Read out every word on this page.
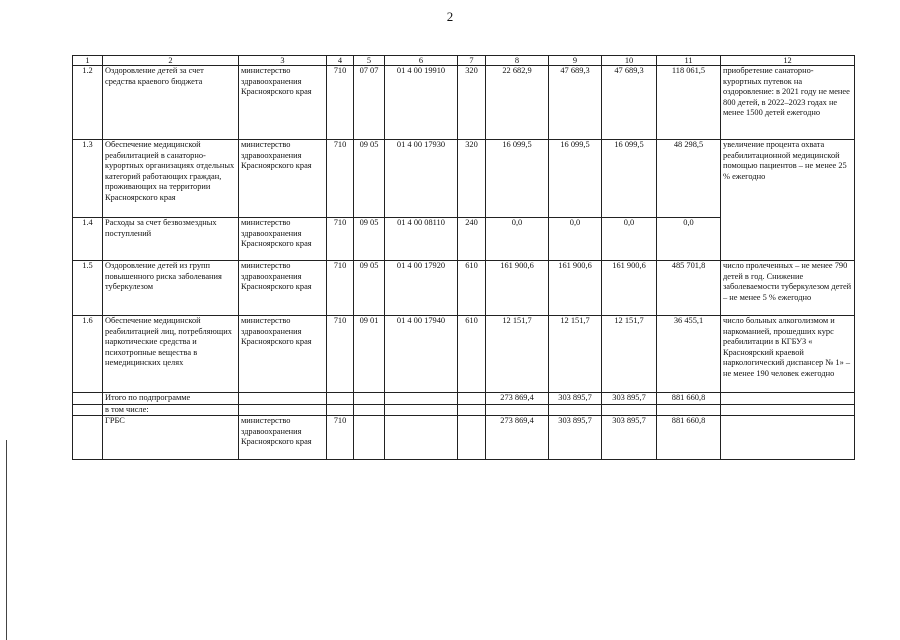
2
1	2	3	4	5	6	7	8	9	10	11	12
1.2	Оздоровление детей за счет средства краевого бюджета	министерство здравоохранения Красноярского края	710	07 07	01 4 00 19910	320	22 682,9	47 689,3	47 689,3	118 061,5	приобретение санаторно-курортных путевок на оздоровление: в 2021 году не менее 800 детей, в 2022–2023 годах не менее 1500 детей ежегодно
1.3	Обеспечение медицинской реабилитацией в санаторно-курортных организациях отдельных категорий работающих граждан, проживающих на территории Красноярского края	министерство здравоохранения Красноярского края	710	09 05	01 4 00 17930	320	16 099,5	16 099,5	16 099,5	48 298,5	увеличение процента охвата реабилитационной медицинской помощью пациентов – не менее 25 % ежегодно
1.4	Расходы за счет безвозмездных поступлений	министерство здравоохранения Красноярского края	710	09 05	01 4 00 08110	240	0,0	0,0	0,0	0,0	
1.5	Оздоровление детей из групп повышенного риска заболевания туберкулезом	министерство здравоохранения Красноярского края	710	09 05	01 4 00 17920	610	161 900,6	161 900,6	161 900,6	485 701,8	число пролеченных – не менее 790 детей в год. Снижение заболеваемости туберкулезом детей – не менее 5 % ежегодно
1.6	Обеспечение медицинской реабилитацией лиц, потребляющих наркотические средства и психотропные вещества в немедицинских целях	министерство здравоохранения Красноярского края	710	09 01	01 4 00 17940	610	12 151,7	12 151,7	12 151,7	36 455,1	число больных алкоголизмом и наркоманией, прошедших курс реабилитации в КГБУЗ « Красноярский краевой наркологический диспансер № 1» – не менее 190 человек ежегодно
	Итого по подпрограмме						273 869,4	303 895,7	303 895,7	881 660,8	
	в том числе:										
	ГРБС	министерство здравоохранения Красноярского края	710				273 869,4	303 895,7	303 895,7	881 660,8	
